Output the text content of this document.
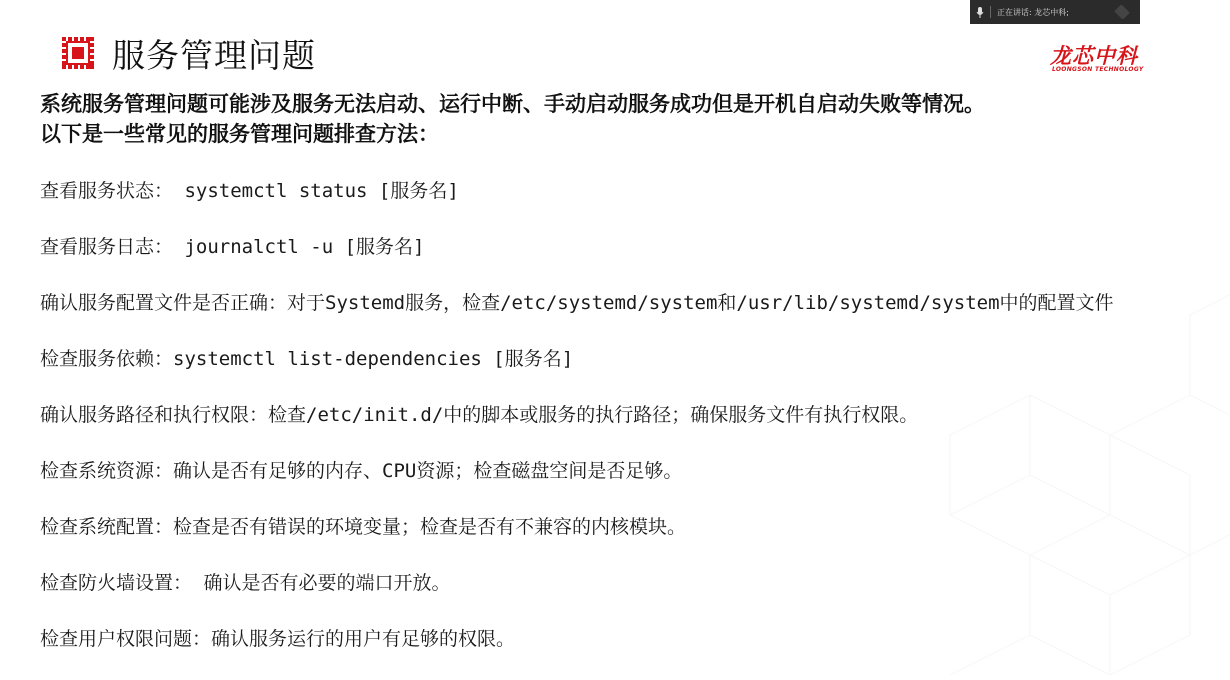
正在讲话: 龙芯中科;
服务管理问题	龙芯中科
LOONGSON TECHNOLOGY
系统服务管理问题可能涉及服务无法启动、运行中断、手动启动服务成功但是开机自启动失败等情况。
以下是一些常见的服务管理问题排查方法：
查看服务状态： systemctl status [服务名]
查看服务日志： journalctl -u [服务名]
确认服务配置文件是否正确：对于Systemd服务，检查/etc/systemd/system和/usr/lib/systemd/system中的配置文件
检查服务依赖：systemctl list-dependencies [服务名]
确认服务路径和执行权限：检查/etc/init.d/中的脚本或服务的执行路径；确保服务文件有执行权限。
检查系统资源：确认是否有足够的内存、CPU资源；检查磁盘空间是否足够。
检查系统配置：检查是否有错误的环境变量；检查是否有不兼容的内核模块。
检查防火墙设置： 确认是否有必要的端口开放。
检查用户权限问题：确认服务运行的用户有足够的权限。
